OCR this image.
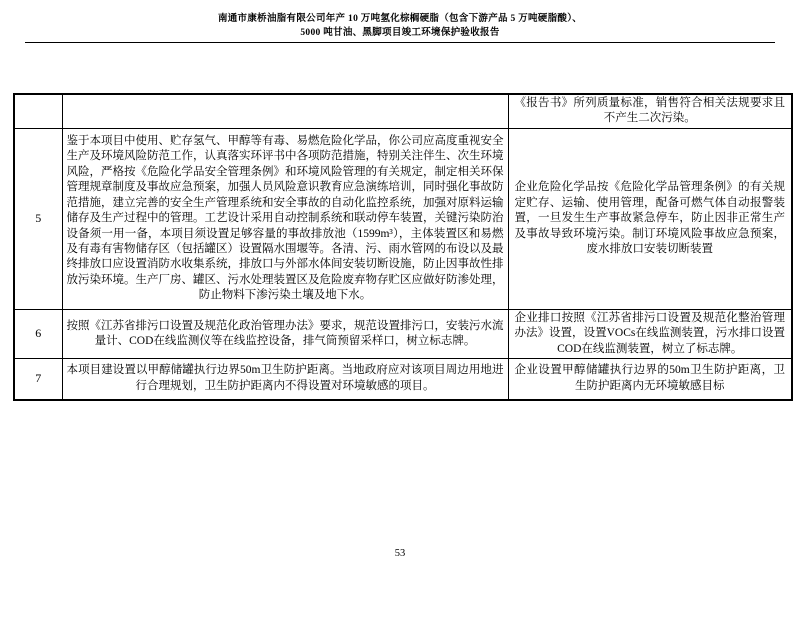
南通市康桥油脂有限公司年产 10 万吨氢化棕榈硬脂（包含下游产品 5 万吨硬脂酸）、
5000 吨甘油、黑脚项目竣工环境保护验收报告
		《报告书》所列质量标准，销售符合相关法规要求且不产生二次污染。
5	鉴于本项目中使用、贮存氢气、甲醇等有毒、易燃危险化学品，你公司应高度重视安全生产及环境风险防范工作，认真落实环评书中各项防范措施，特别关注伴生、次生环境风险，严格按《危险化学品安全管理条例》和环境风险管理的有关规定，制定相关环保管理规章制度及事故应急预案，加强人员风险意识教育应急演练培训，同时强化事故防范措施，建立完善的安全生产管理系统和安全事故的自动化监控系统，加强对原料运输储存及生产过程中的管理。工艺设计采用自动控制系统和联动停车装置，关键污染防治设备须一用一备，本项目须设置足够容量的事故排放池（1599m³），主体装置区和易燃及有毒有害物储存区（包括罐区）设置隔水围堰等。各清、污、雨水管网的布设以及最终排放口应设置消防水收集系统，排放口与外部水体间安装切断设施，防止因事故性排放污染环境。生产厂房、罐区、污水处理装置区及危险废弃物存贮区应做好防渗处理，防止物料下渗污染土壤及地下水。	企业危险化学品按《危险化学品管理条例》的有关规定贮存、运输、使用管理，配备可燃气体自动报警装置，一旦发生生产事故紧急停车，防止因非正常生产及事故导致环境污染。制订环境风险事故应急预案，废水排放口安装切断装置
6	按照《江苏省排污口设置及规范化政治管理办法》要求，规范设置排污口，安装污水流量计、COD在线监测仪等在线监控设备，排气筒预留采样口，树立标志牌。	企业排口按照《江苏省排污口设置及规范化整治管理办法》设置，设置VOCs在线监测装置，污水排口设置COD在线监测装置，树立了标志牌。
7	本项目建设置以甲醇储罐执行边界50m卫生防护距离。当地政府应对该项目周边用地进行合理规划，卫生防护距离内不得设置对环境敏感的项目。	企业设置甲醇储罐执行边界的50m卫生防护距离，卫生防护距离内无环境敏感目标
53
